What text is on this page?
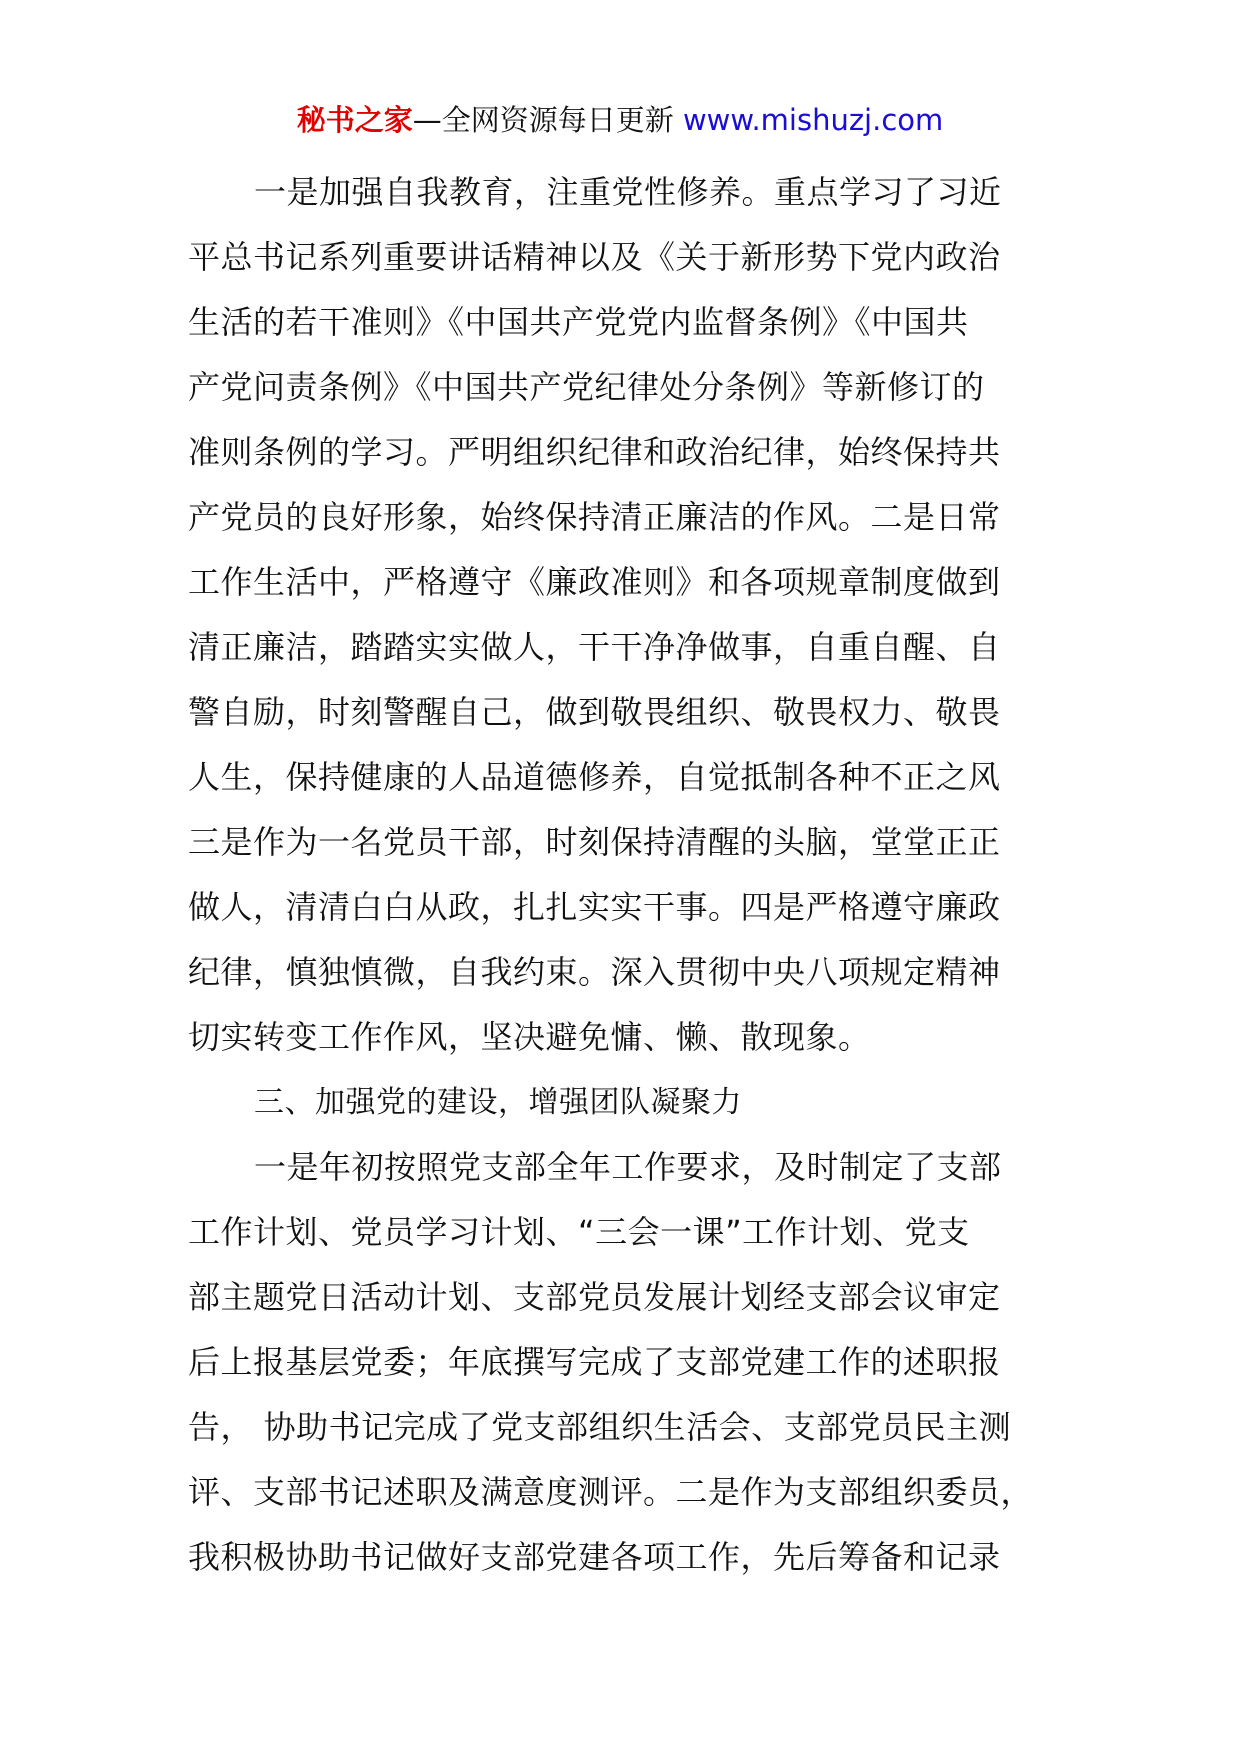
秘书之家—全网资源每日更新 www.mishuzj.com
一是加强自我教育，注重党性修养。重点学习了习近
平总书记系列重要讲话精神以及《关于新形势下党内政治
生活的若干准则》《中国共产党党内监督条例》《中国共
产党问责条例》《中国共产党纪律处分条例》等新修订的
准则条例的学习。严明组织纪律和政治纪律，始终保持共
产党员的良好形象，始终保持清正廉洁的作风。二是日常
工作生活中，严格遵守《廉政准则》和各项规章制度做到
清正廉洁，踏踏实实做人，干干净净做事，自重自醒、自
警自励，时刻警醒自己，做到敬畏组织、敬畏权力、敬畏
人生，保持健康的人品道德修养，自觉抵制各种不正之风
三是作为一名党员干部，时刻保持清醒的头脑，堂堂正正
做人，清清白白从政，扎扎实实干事。四是严格遵守廉政
纪律，慎独慎微，自我约束。深入贯彻中央八项规定精神
切实转变工作作风，坚决避免慵、懒、散现象。
三、加强党的建设，增强团队凝聚力
一是年初按照党支部全年工作要求，及时制定了支部
工作计划、党员学习计划、“三会一课”工作计划、党支
部主题党日活动计划、支部党员发展计划经支部会议审定
后上报基层党委；年底撰写完成了支部党建工作的述职报
告， 协助书记完成了党支部组织生活会、支部党员民主测
评、支部书记述职及满意度测评。二是作为支部组织委员，
我积极协助书记做好支部党建各项工作，先后筹备和记录
